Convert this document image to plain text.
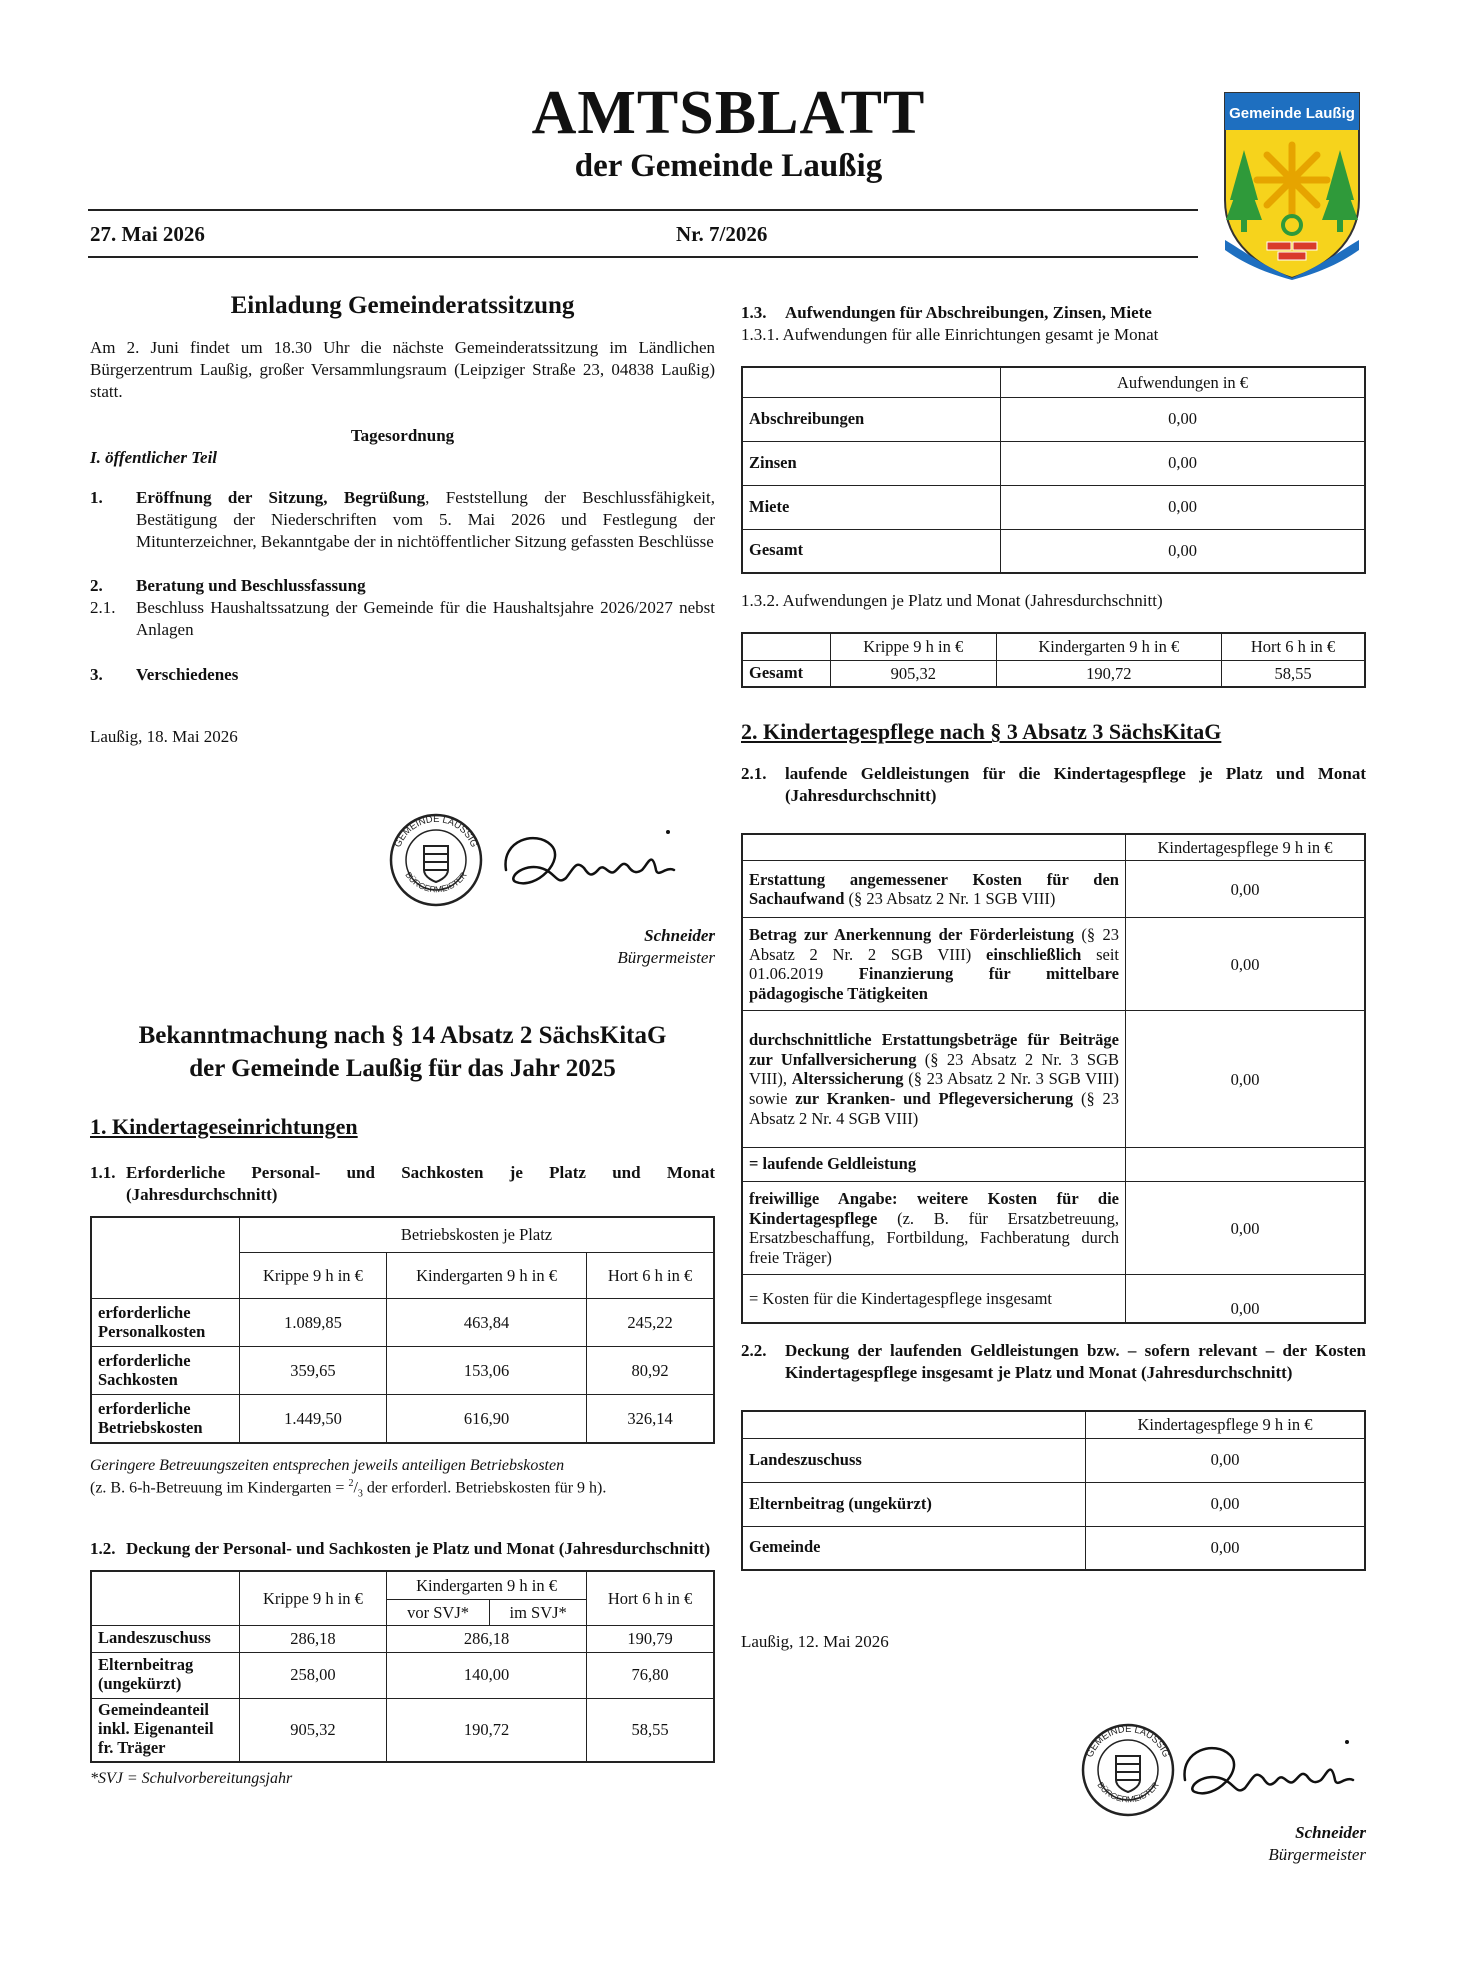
AMTSBLATT
der Gemeinde Laußig
27. Mai 2026	Nr. 7/2026
Gemeinde Laußig
Einladung Gemeinderatssitzung

Am 2. Juni findet um 18.30 Uhr die nächste Gemeinderatssitzung im Ländlichen Bürgerzentrum Laußig, großer Versammlungsraum (Leipziger Straße 23, 04838 Laußig) statt.

Tagesordnung
I. öffentlicher Teil
1.	Eröffnung der Sitzung, Begrüßung, Feststellung der Beschlussfähigkeit, Bestätigung der Niederschriften vom 5. Mai 2026 und Festlegung der Mitunterzeichner, Bekanntgabe der in nichtöffentlicher Sitzung gefassten Beschlüsse
2.	Beratung und Beschlussfassung
2.1.	Beschluss Haushaltssatzung der Gemeinde für die Haushaltsjahre 2026/2027 nebst Anlagen
3.	Verschiedenes
Laußig, 18. Mai 2026
GEMEINDE LAUSSIG
BÜRGERMEISTER
Schneider
Bürgermeister
Bekanntmachung nach § 14 Absatz 2 SächsKitaG
der Gemeinde Laußig für das Jahr 2025
1. Kindertageseinrichtungen
1.1. Erforderliche Personal- und Sachkosten je Platz und Monat (Jahresdurchschnitt)
	Betriebskosten je Platz		
	Krippe 9 h in €	Kindergarten 9 h in €	Hort 6 h in €
erforderliche Personalkosten	1.089,85	463,84	245,22
erforderliche Sachkosten	359,65	153,06	80,92
erforderliche Betriebskosten	1.449,50	616,90	326,14
Geringere Betreuungszeiten entsprechen jeweils anteiligen Betriebskosten
(z. B. 6-h-Betreuung im Kindergarten = $^2/_3$ der erforderl. Betriebskosten für 9 h).
1.2. Deckung der Personal- und Sachkosten je Platz und Monat (Jahresdurchschnitt)
	Krippe 9 h in €	Kindergarten 9 h in €		Hort 6 h in €
		vor SVJ*	im SVJ*	
Landeszuschuss	286,18	286,18		190,79
Elternbeitrag (ungekürzt)	258,00	140,00		76,80
Gemeindeanteil inkl. Eigenanteil fr. Träger	905,32	190,72		58,55
*SVJ = Schulvorbereitungsjahr
1.3.	Aufwendungen für Abschreibungen, Zinsen, Miete
1.3.1. Aufwendungen für alle Einrichtungen gesamt je Monat
	Aufwendungen in €
Abschreibungen	0,00
Zinsen	0,00
Miete	0,00
Gesamt	0,00
1.3.2. Aufwendungen je Platz und Monat (Jahresdurchschnitt)
	Krippe 9 h in €	Kindergarten 9 h in €	Hort 6 h in €
Gesamt	905,32	190,72	58,55
2. Kindertagespflege nach § 3 Absatz 3 SächsKitaG
2.1.	laufende Geldleistungen für die Kindertagespflege je Platz und Monat (Jahresdurchschnitt)
	Kindertagespflege 9 h in €
Erstattung angemessener Kosten für den Sachaufwand (§ 23 Absatz 2 Nr. 1 SGB VIII)	0,00
Betrag zur Anerkennung der Förderleistung (§ 23 Absatz 2 Nr. 2 SGB VIII) einschließlich seit 01.06.2019 Finanzierung für mittelbare pädagogische Tätigkeiten	0,00
durchschnittliche Erstattungsbeträge für Beiträge zur Unfallversicherung (§ 23 Absatz 2 Nr. 3 SGB VIII), Alterssicherung (§ 23 Absatz 2 Nr. 3 SGB VIII) sowie zur Kranken- und Pflegeversicherung (§ 23 Absatz 2 Nr. 4 SGB VIII)	0,00
= laufende Geldleistung	
freiwillige Angabe: weitere Kosten für die Kindertagespflege (z. B. für Ersatzbetreuung, Ersatzbeschaffung, Fortbildung, Fachberatung durch freie Träger)	0,00
= Kosten für die Kindertagespflege insgesamt	0,00
2.2.	Deckung der laufenden Geldleistungen bzw. – sofern relevant – der Kosten Kindertagespflege insgesamt je Platz und Monat (Jahresdurchschnitt)
	Kindertagespflege 9 h in €
Landeszuschuss	0,00
Elternbeitrag (ungekürzt)	0,00
Gemeinde	0,00
Laußig, 12. Mai 2026
GEMEINDE LAUSSIG
BÜRGERMEISTER
Schneider
Bürgermeister
